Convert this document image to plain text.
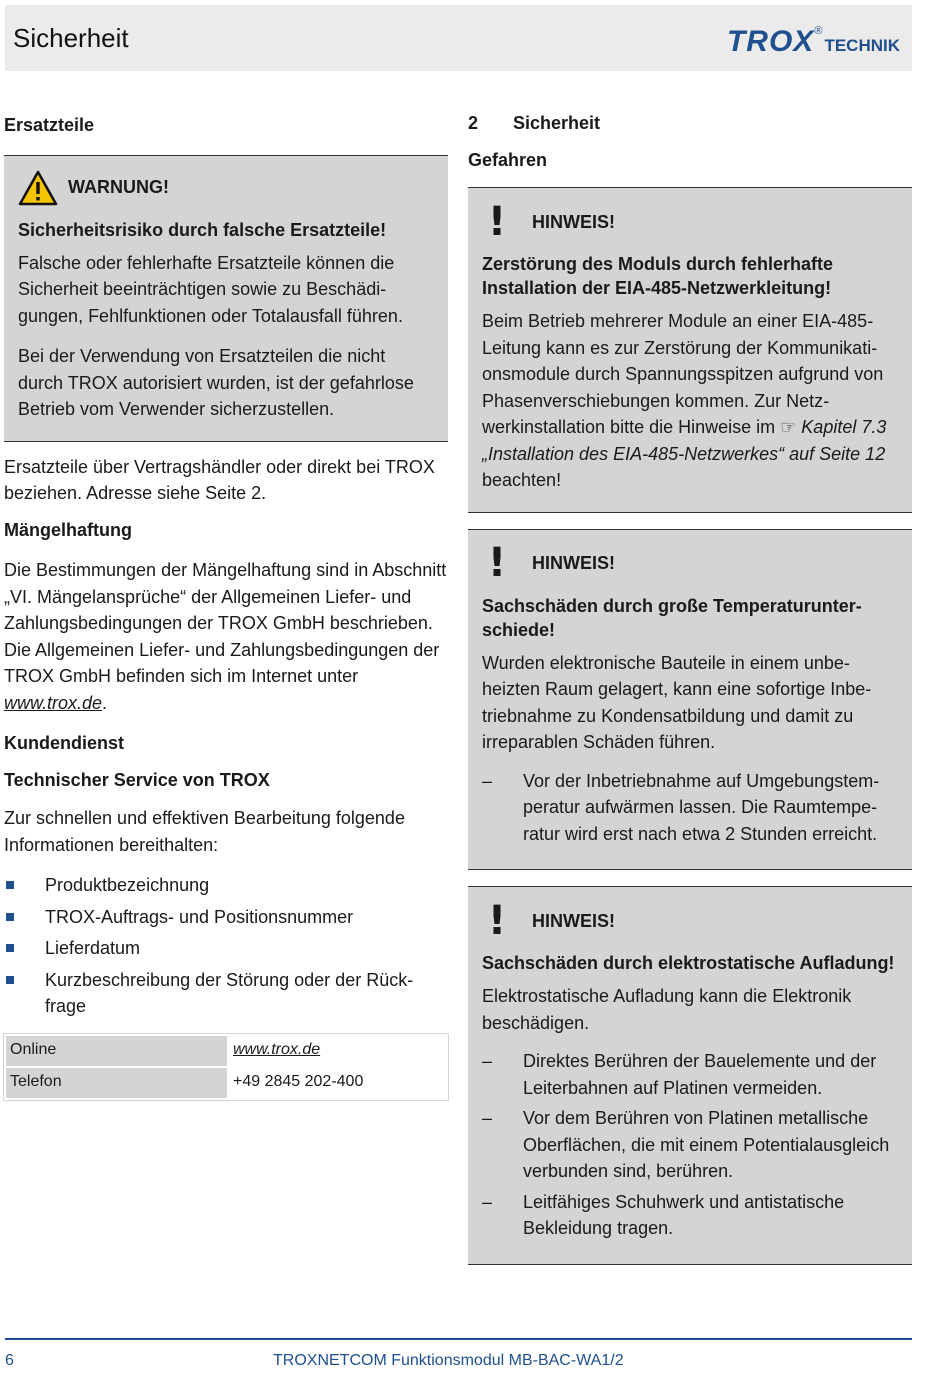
Sicherheit	TROX®TECHNIK

Ersatzteile

WARNUNG!

Sicherheitsrisiko durch falsche Ersatzteile!

Falsche oder fehlerhafte Ersatzteile können die Sicherheit beeinträchtigen sowie zu Beschädigungen, Fehlfunktionen oder Totalausfall führen.

Bei der Verwendung von Ersatzteilen die nicht durch TROX autorisiert wurden, ist der gefahrlose Betrieb vom Verwender sicherzustellen.

Ersatzteile über Vertragshändler oder direkt bei TROX beziehen. Adresse siehe Seite 2.

Mängelhaftung

Die Bestimmungen der Mängelhaftung sind in Abschnitt „VI. Mängelansprüche“ der Allgemeinen Liefer- und Zahlungsbedingungen der TROX GmbH beschrieben. Die Allgemeinen Liefer- und Zahlungsbedingungen der TROX GmbH befinden sich im Internet unter www.trox.de.

Kundendienst

Technischer Service von TROX

Zur schnellen und effektiven Bearbeitung folgende Informationen bereithalten:

Produktbezeichnung
TROX-Auftrags- und Positionsnummer
Lieferdatum
Kurzbeschreibung der Störung oder der Rückfrage
Online	www.trox.de
Telefon	+49 2845 202-400

2 Sicherheit

Gefahren

!	HINWEIS!

Zerstörung des Moduls durch fehlerhafte Installation der EIA-485-Netzwerkleitung!

Beim Betrieb mehrerer Module an einer EIA-485-Leitung kann es zur Zerstörung der Kommunikationsmodule durch Spannungsspitzen aufgrund von Phasenverschiebungen kommen. Zur Netzwerkinstallation bitte die Hinweise im ☞ Kapitel 7.3 „Installation des EIA-485-Netzwerkes“ auf Seite 12 beachten!

!	HINWEIS!

Sachschäden durch große Temperaturunterschiede!

Wurden elektronische Bauteile in einem unbeheizten Raum gelagert, kann eine sofortige Inbetriebnahme zu Kondensatbildung und damit zu irreparablen Schäden führen.

– Vor der Inbetriebnahme auf Umgebungstemperatur aufwärmen lassen. Die Raumtemperatur wird erst nach etwa 2 Stunden erreicht.
!	HINWEIS!

Sachschäden durch elektrostatische Aufladung!

Elektrostatische Aufladung kann die Elektronik beschädigen.

– Direktes Berühren der Bauelemente und der Leiterbahnen auf Platinen vermeiden.
– Vor dem Berühren von Platinen metallische Oberflächen, die mit einem Potentialausgleich verbunden sind, berühren.
– Leitfähiges Schuhwerk und antistatische Bekleidung tragen.
6	TROXNETCOM Funktionsmodul MB-BAC-WA1/2
